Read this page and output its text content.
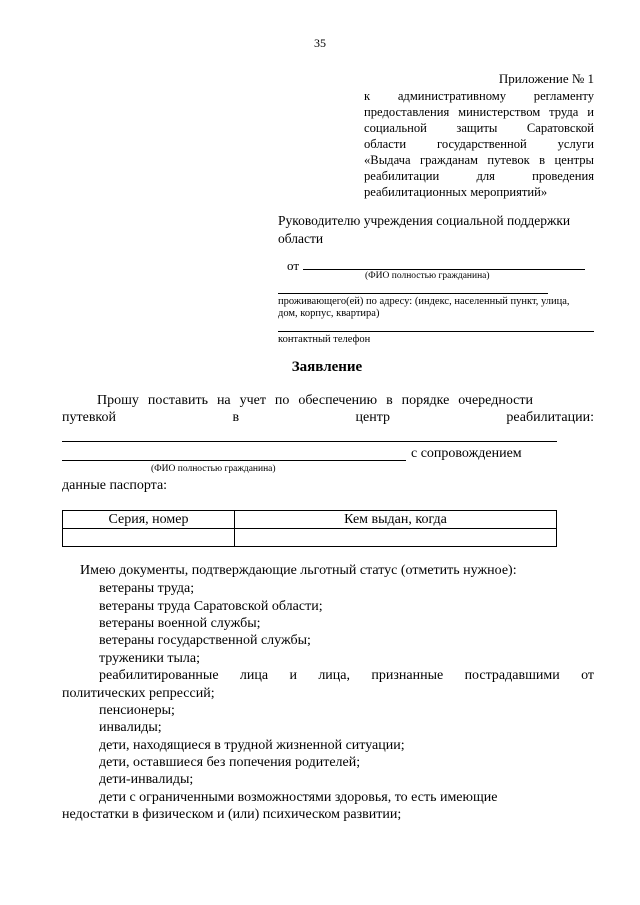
35
Приложение № 1
к административному регламенту
предоставления министерством труда и
социальной защиты Саратовской
области государственной услуги
«Выдача гражданам путевок в центры
реабилитации для проведения
реабилитационных мероприятий»
Руководителю учреждения социальной поддержки
области
от
(ФИО полностью гражданина)
проживающего(ей) по адресу: (индекс, населенный пункт, улица,
дом, корпус, квартира)
контактный телефон
Заявление
Прошу поставить на учет по обеспечению в порядке очередности
путевкой	в	центр	реабилитации:
с сопровождением
(ФИО полностью гражданина)
данные паспорта:
Серия, номер	Кем выдан, когда

Имею документы, подтверждающие льготный статус (отметить нужное):
ветераны труда;
ветераны труда Саратовской области;
ветераны военной службы;
ветераны государственной службы;
труженики тыла;
реабилитированные лица и лица, признанные пострадавшими от
политических репрессий;
пенсионеры;
инвалиды;
дети, находящиеся в трудной жизненной ситуации;
дети, оставшиеся без попечения родителей;
дети-инвалиды;
дети с ограниченными возможностями здоровья, то есть имеющие
недостатки в физическом и (или) психическом развитии;
